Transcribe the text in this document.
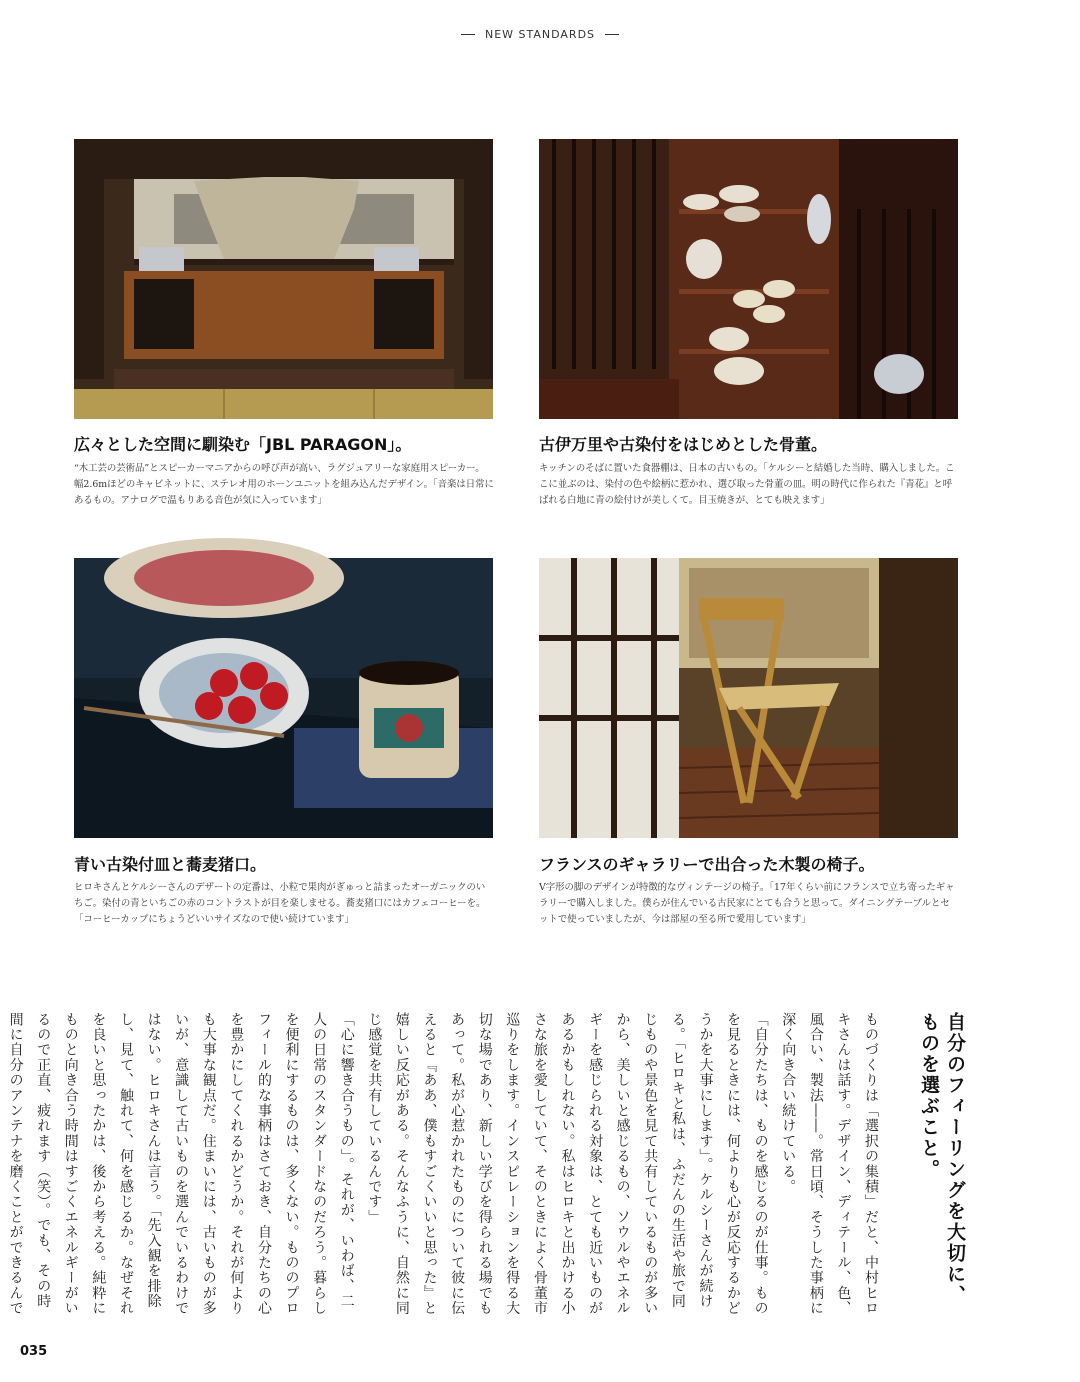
NEW STANDARDS
広々とした空間に馴染む「JBL PARAGON」。
“木工芸の芸術品”とスピーカーマニアからの呼び声が高い、ラグジュアリーな家庭用スピーカー。幅2.6mほどのキャビネットに、ステレオ用のホーンユニットを組み込んだデザイン。「音楽は日常にあるもの。アナログで温もりある音色が気に入っています」
古伊万里や古染付をはじめとした骨董。
キッチンのそばに置いた食器棚は、日本の古いもの。「ケルシーと結婚した当時、購入しました。ここに並ぶのは、染付の色や絵柄に惹かれ、選び取った骨董の皿。明の時代に作られた『青花』と呼ばれる白地に青の絵付けが美しくて。目玉焼きが、とても映えます」
青い古染付皿と蕎麦猪口。
ヒロキさんとケルシーさんのデザートの定番は、小粒で果肉がぎゅっと詰まったオーガニックのいちご。染付の青といちごの赤のコントラストが目を楽しませる。蕎麦猪口にはカフェコーヒーを。「コーヒーカップにちょうどいいサイズなので使い続けています」
フランスのギャラリーで出合った木製の椅子。
V字形の脚のデザインが特徴的なヴィンテージの椅子。「17年くらい前にフランスで立ち寄ったギャラリーで購入しました。僕らが住んでいる古民家にとても合うと思って。ダイニングテーブルとセットで使っていましたが、今は部屋の至る所で愛用しています」
自分のフィーリングを大切に、ものを選ぶこと。

ものづくりは「選択の集積」だと、中村ヒロキさんは話す。デザイン、ディテール、色、風合い、製法――。常日頃、そうした事柄に深く向き合い続けている。

「自分たちは、ものを感じるのが仕事。ものを見るときには、何よりも心が反応するかどうかを大事にします」。ケルシーさんが続ける。「ヒロキと私は、ふだんの生活や旅で同じものや景色を見て共有しているものが多いから、美しいと感じるもの、ソウルやエネルギーを感じられる対象は、とても近いものがあるかもしれない。私はヒロキと出かける小さな旅を愛していて、そのときによく骨董市巡りをします。インスピレーションを得る大切な場であり、新しい学びを得られる場でもあって。私が心惹かれたものについて彼に伝えると『ああ、僕もすごくいいと思った』と嬉しい反応がある。そんなふうに、自然に同じ感覚を共有しているんです」

「心に響き合うもの」。それが、いわば、二人の日常のスタンダードなのだろう。暮らしを便利にするものは、多くない。もののプロフィール的な事柄はさておき、自分たちの心を豊かにしてくれるかどうか。それが何よりも大事な観点だ。住まいには、古いものが多いが、意識して古いものを選んでいるわけではない。ヒロキさんは言う。「先入観を排除し、見て、触れて、何を感じるか。なぜそれを良いと思ったかは、後から考える。純粋にものと向き合う時間はすごくエネルギーがいるので正直、疲れます（笑）。でも、その時間に自分のアンテナを磨くことができるんで

035
